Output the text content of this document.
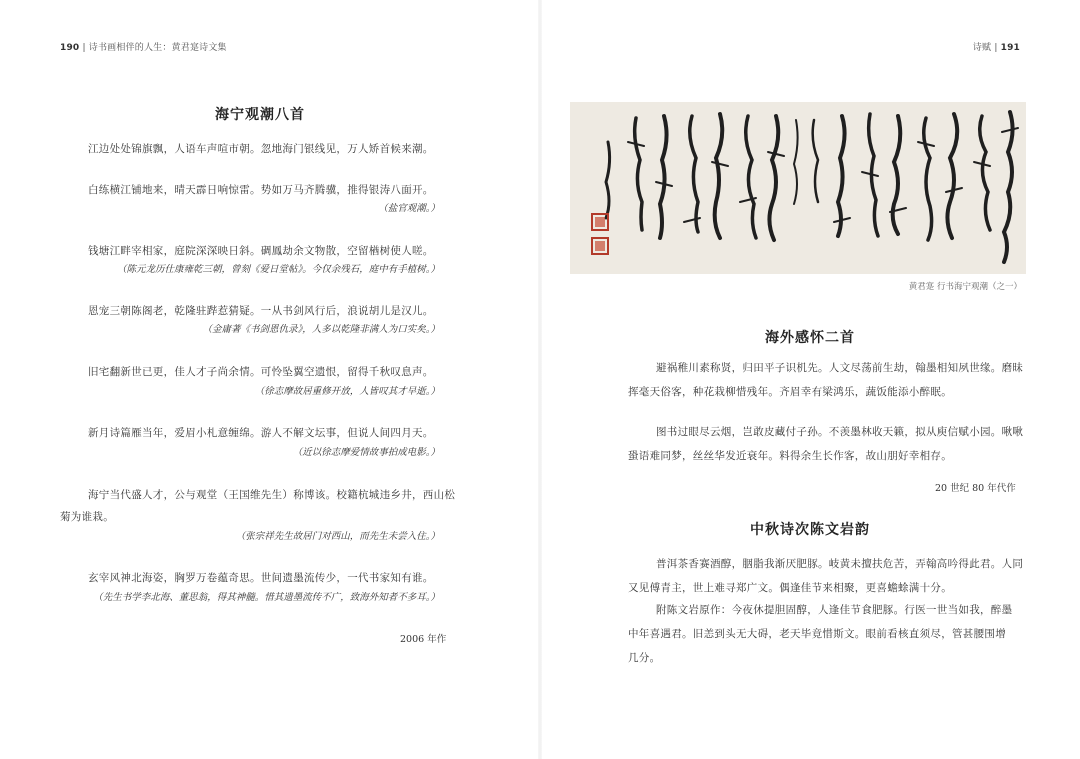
190 | 诗书画相伴的人生：黄君寔诗文集
海宁观潮八首
江边处处锦旗飘，人语车声喧市朝。忽地海门银线见，万人矫首候来潮。
白练横江铺地来，晴天霹日响惊雷。势如万马齐腾骥，推得银涛八面开。
（盐官观潮。）
钱塘江畔宰相家，庭院深深映日斜。碉鳳劫余文物散，空留楢树使人嗟。
（陈元龙历仕康雍乾三朝，曾刻《爱日堂帖》。今仅余残石，庭中有手植树。）
恩宠三朝陈阁老，乾隆驻跸惹猜疑。一从书剑风行后，浪说胡儿是汉儿。
（金庸著《书剑恩仇录》，人多以乾隆非满人为口实矣。）
旧宅翻新世已更，佳人才子尚余情。可怜坠翼空遗恨，留得千秋叹息声。
（徐志摩故居重修开放，人皆叹其才早逝。）
新月诗篇雁当年，爱眉小札意缠绵。游人不解文坛事，但说人间四月天。
（近以徐志摩爱情故事拍成电影。）
海宁当代盛人才，公与观堂（王国维先生）称博该。校籍杭城违乡井，西山松
菊为谁栽。
（张宗祥先生故居门对西山，而先生未尝入住。）
玄宰风神北海姿，胸罗万卷蕴奇思。世间遗墨流传少，一代书家知有谁。
（先生书学李北海、董思翁，得其神髓。惜其遗墨流传不广，致海外知者不多耳。）
2006 年作
诗赋 | 191
黄君寔 行书海宁观潮（之一）
海外感怀二首
避祸稚川素称贤，归田平子识机先。人文尽荡前生劫，翰墨相知夙世缘。磨昧
挥毫天俗客，种花栽柳惜残年。齐眉幸有梁鸿乐，蔬饭能添小醉眠。
图书过眼尽云烟，岂敢皮藏付子孙。不羡墨林收天籁，拟从庾信赋小园。啾啾
蛩语难同梦，丝丝华发近衰年。料得余生长作客，故山朋好幸相存。
20 世纪 80 年代作
中秋诗次陈文岩韵
普洱茶香赛酒醇，胭脂我渐厌肥豚。岐黄未擅扶危苦，弄翰高吟得此君。人同
又见傅青主，世上难寻郑广文。偶逢佳节来相聚，更喜蟾蜍满十分。
附陈文岩原作：今夜休提胆固醇，人逢佳节食肥豚。行医一世当如我，醉墨
中年喜遇君。旧恙到头无大碍，老天毕竟惜斯文。眼前看核直须尽，管甚腰围增
几分。
